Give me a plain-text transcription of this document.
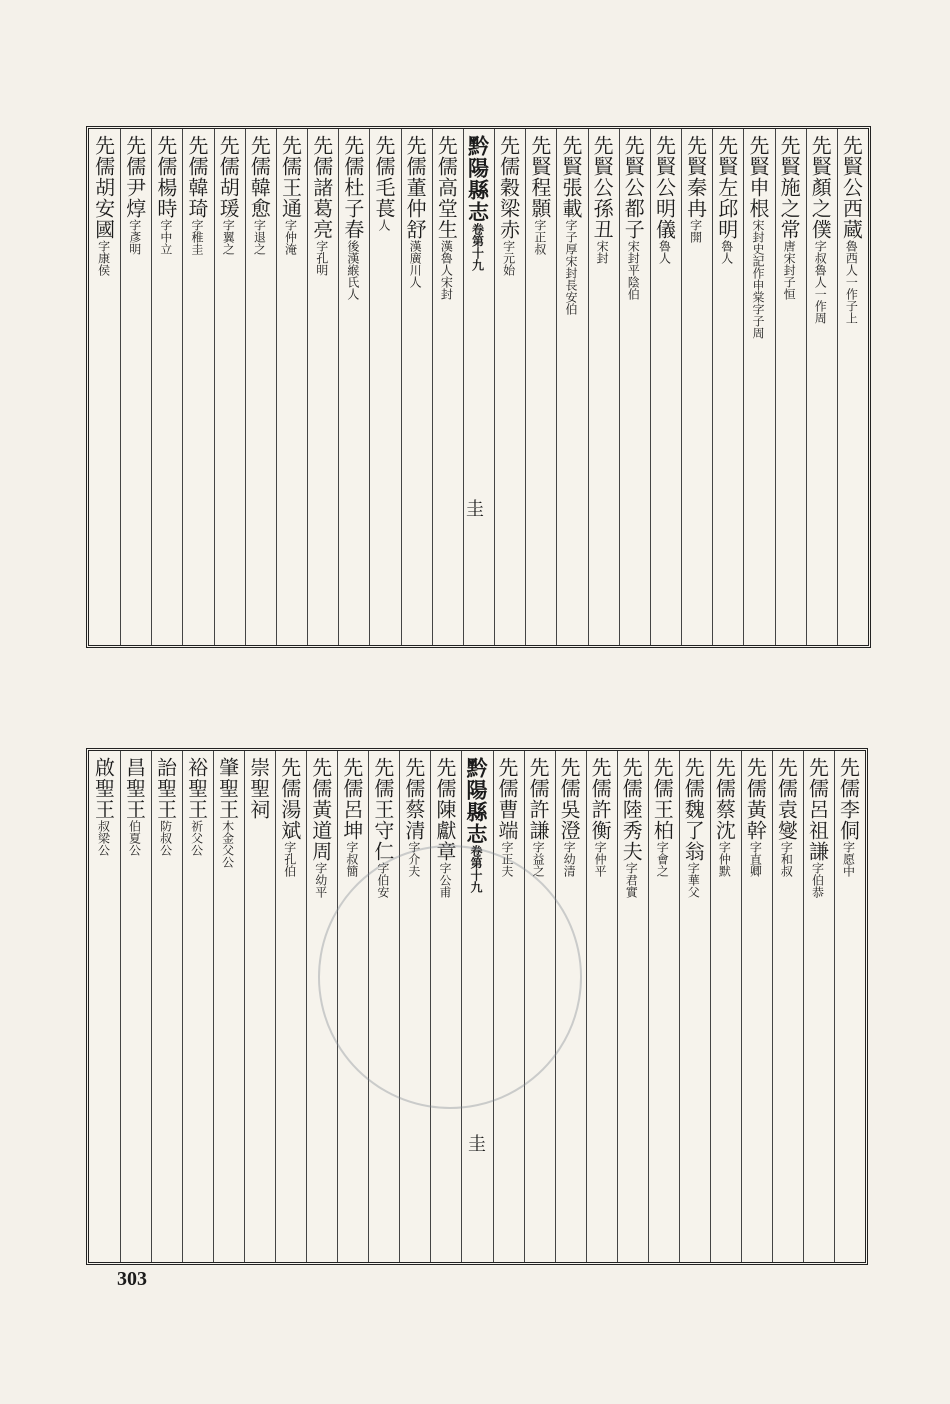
先賢公西蔵魯西人一作子上
先賢顏之僕字叔魯人一作周
先賢施之常唐宋封子恒
先賢申根宋封史記作申棠字子周
先賢左邱明魯人
先賢秦冉字開
先賢公明儀魯人
先賢公都子宋封平陰伯
先賢公孫丑宋封
先賢張載字子厚宋封長安伯
先賢程顥字正叔
先儒穀梁赤字元始
黔陽縣志卷第十九
先儒高堂生漢魯人宋封
先儒董仲舒漢廣川人
先儒毛萇人
先儒杜子春後漢緱氏人
先儒諸葛亮字孔明
先儒王通字仲淹
先儒韓愈字退之
先儒胡瑗字翼之
先儒韓琦字稚圭
先儒楊時字中立
先儒尹焞字彥明
先儒胡安國字康侯
圭
先儒李侗字愿中
先儒呂祖謙字伯恭
先儒袁燮字和叔
先儒黃幹字直卿
先儒蔡沈字仲默
先儒魏了翁字華父
先儒王柏字會之
先儒陸秀夫字君實
先儒許衡字仲平
先儒吳澄字幼清
先儒許謙字益之
先儒曹端字正夫
黔陽縣志卷第十九
先儒陳獻章字公甫
先儒蔡清字介夫
先儒王守仁字伯安
先儒呂坤字叔簡
先儒黃道周字幼平
先儒湯斌字孔伯
崇聖祠
肇聖王木金父公
裕聖王祈父公
詒聖王防叔公
昌聖王伯夏公
啟聖王叔梁公
圭
303
